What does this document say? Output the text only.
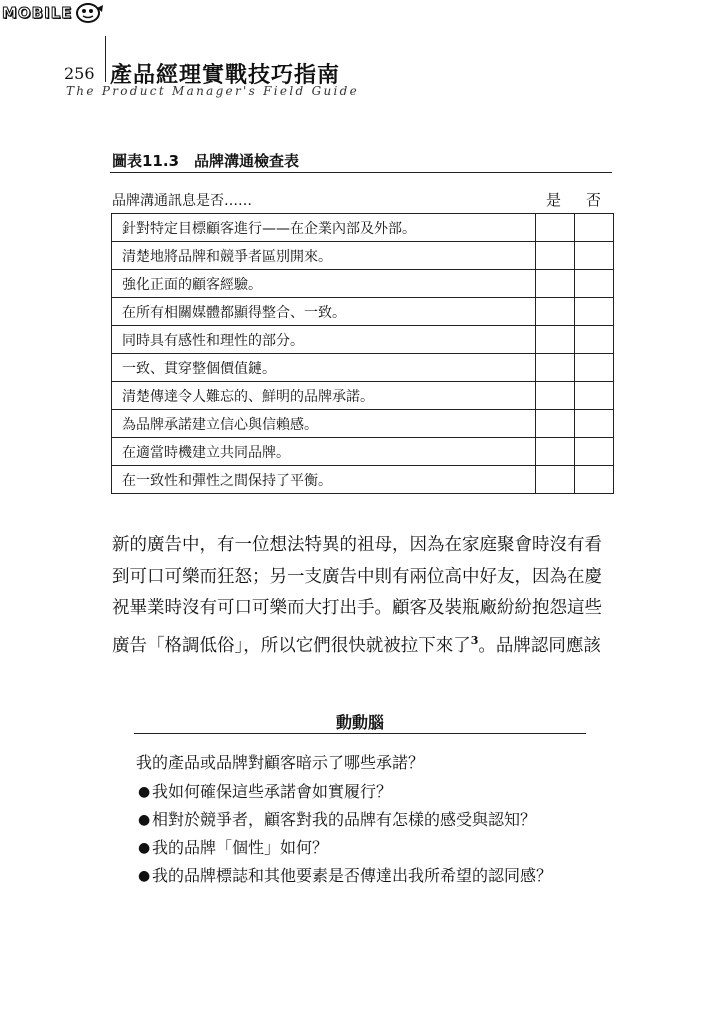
MOBILE
256 產品經理實戰技巧指南
The Product Manager's Field Guide
圖表11.3　品牌溝通檢查表
品牌溝通訊息是否……	是 否
針對特定目標顧客進行——在企業內部及外部。		
清楚地將品牌和競爭者區別開來。		
強化正面的顧客經驗。		
在所有相關媒體都顯得整合、一致。		
同時具有感性和理性的部分。		
一致、貫穿整個價值鏈。		
清楚傳達令人難忘的、鮮明的品牌承諾。		
為品牌承諾建立信心與信賴感。		
在適當時機建立共同品牌。		
在一致性和彈性之間保持了平衡。		

新的廣告中，有一位想法特異的祖母，因為在家庭聚會時沒有看

到可口可樂而狂怒；另一支廣告中則有兩位高中好友，因為在慶

祝畢業時沒有可口可樂而大打出手。顧客及裝瓶廠紛紛抱怨這些

廣告「格調低俗」，所以它們很快就被拉下來了$^3$。品牌認同應該

動動腦
我的產品或品牌對顧客暗示了哪些承諾？
● 我如何確保這些承諾會如實履行？
● 相對於競爭者，顧客對我的品牌有怎樣的感受與認知？
● 我的品牌「個性」如何？
● 我的品牌標誌和其他要素是否傳達出我所希望的認同感？
